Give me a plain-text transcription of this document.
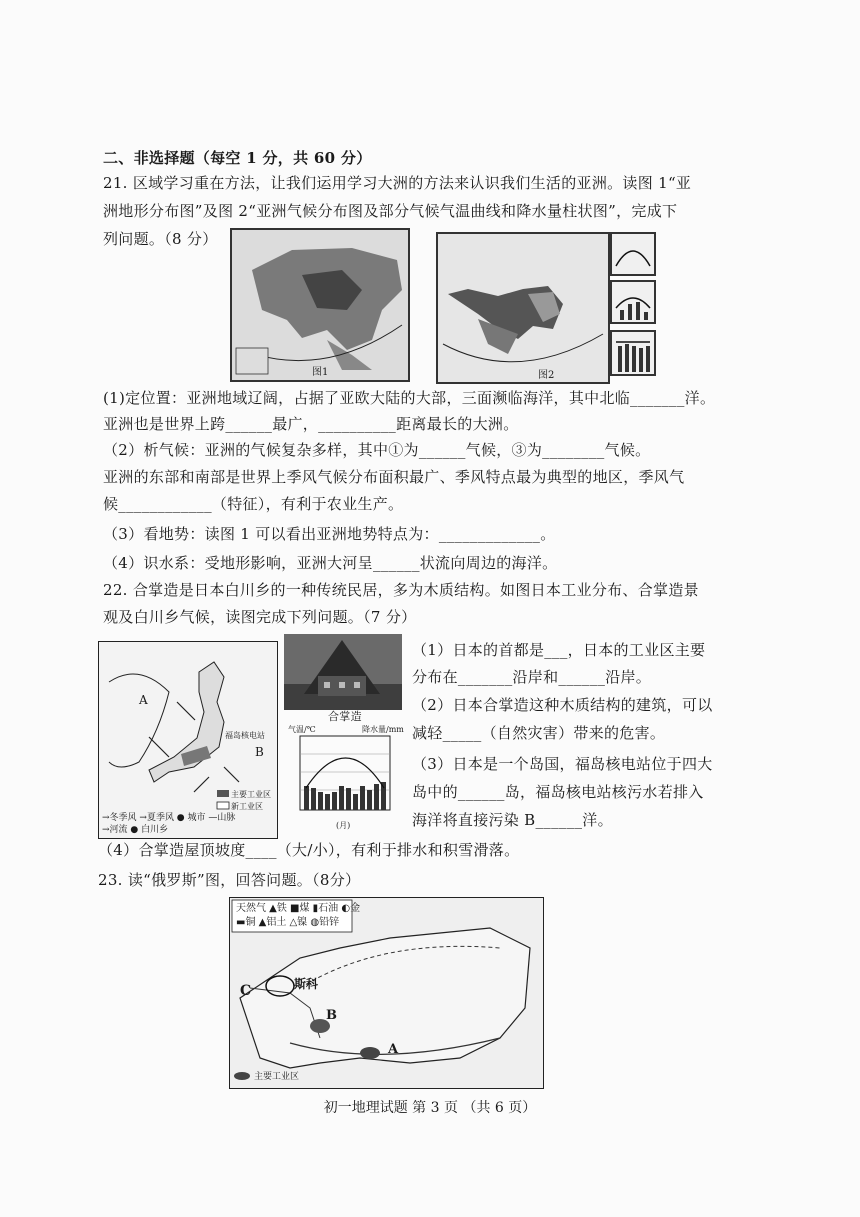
二、非选择题（每空 1 分，共 60 分）
21. 区域学习重在方法，让我们运用学习大洲的方法来认识我们生活的亚洲。读图 1“亚
洲地形分布图”及图 2“亚洲气候分布图及部分气候气温曲线和降水量柱状图”，完成下
列问题。（8 分）
图1	图2
(1)定位置：亚洲地域辽阔，占据了亚欧大陆的大部，三面濒临海洋，其中北临_______洋。
亚洲也是世界上跨______最广，__________距离最长的大洲。
（2）析气候：亚洲的气候复杂多样，其中①为______气候，③为________气候。
亚洲的东部和南部是世界上季风气候分布面积最广、季风特点最为典型的地区，季风气
候____________（特征），有利于农业生产。
（3）看地势：读图 1 可以看出亚洲地势特点为：_____________。
（4）识水系：受地形影响，亚洲大河呈______状流向周边的海洋。
22. 合掌造是日本白川乡的一种传统民居，多为木质结构。如图日本工业分布、合掌造景
观及白川乡气候，读图完成下列问题。（7 分）
A
B
福岛核电站
主要工业区
新工业区
→冬季风 →夏季风 ● 城市 —山脉
→河流 ● 白川乡
合掌造
气温/℃	降水量/mm
(月)
（1）日本的首都是___，日本的工业区主要
分布在_______沿岸和______沿岸。
（2）日本合掌造这种木质结构的建筑，可以
减轻_____（自然灾害）带来的危害。
（3）日本是一个岛国，福岛核电站位于四大
岛中的______岛，福岛核电站核污水若排入
海洋将直接污染 B______洋。
（4）合掌造屋顶坡度____（大/小），有利于排水和积雪滑落。
23. 读“俄罗斯”图，回答问题。（8分）
天然气 ▲铁 ■煤 ▮石油 ◐金
▬铜 ▲铝土 △镍 ◍铅锌
C	斯科
B
A
主要工业区
初一地理试题 第 3 页 （共 6 页）
